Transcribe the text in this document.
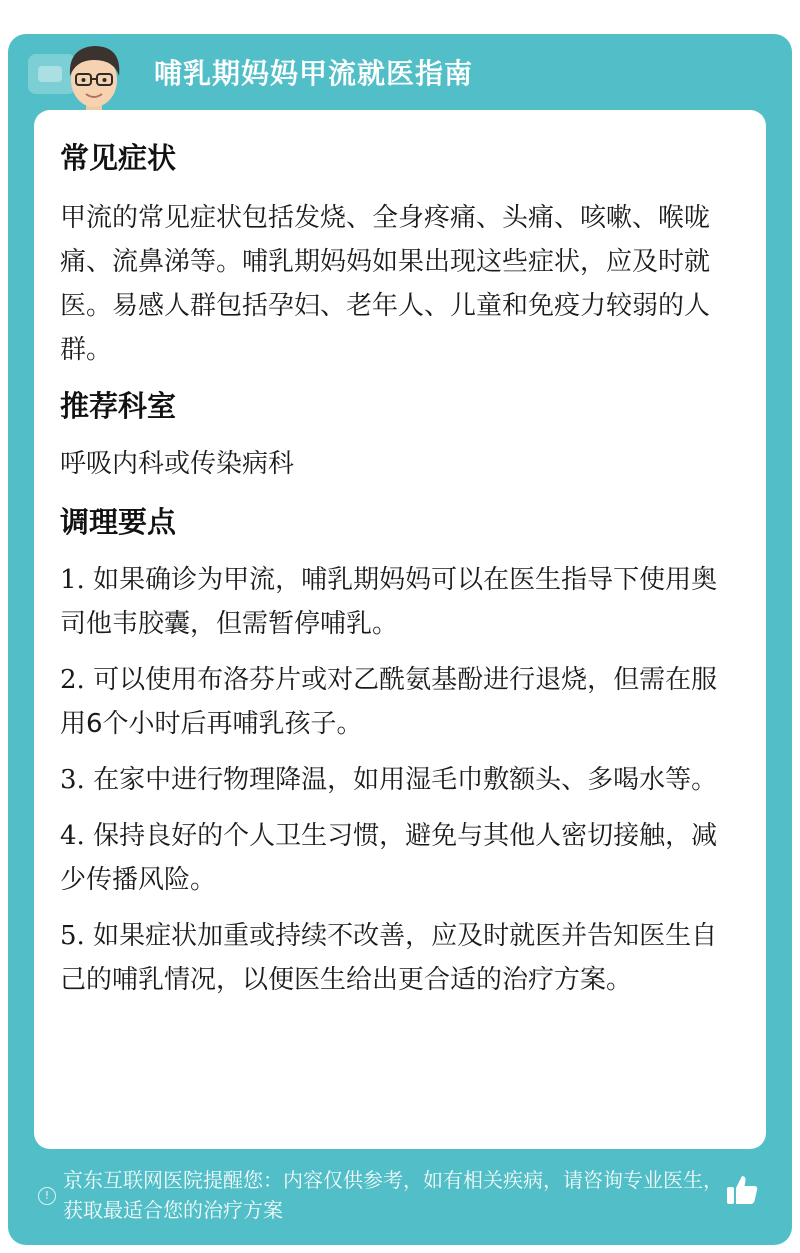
哺乳期妈妈甲流就医指南
常见症状
甲流的常见症状包括发烧、全身疼痛、头痛、咳嗽、喉咙痛、流鼻涕等。哺乳期妈妈如果出现这些症状，应及时就医。易感人群包括孕妇、老年人、儿童和免疫力较弱的人群。
推荐科室
呼吸内科或传染病科
调理要点
1. 如果确诊为甲流，哺乳期妈妈可以在医生指导下使用奥司他韦胶囊，但需暂停哺乳。
2. 可以使用布洛芬片或对乙酰氨基酚进行退烧，但需在服用6个小时后再哺乳孩子。
3. 在家中进行物理降温，如用湿毛巾敷额头、多喝水等。
4. 保持良好的个人卫生习惯，避免与其他人密切接触，减少传播风险。
5. 如果症状加重或持续不改善，应及时就医并告知医生自己的哺乳情况，以便医生给出更合适的治疗方案。
!
京东互联网医院提醒您：内容仅供参考，如有相关疾病，请咨询专业医生，获取最适合您的治疗方案
